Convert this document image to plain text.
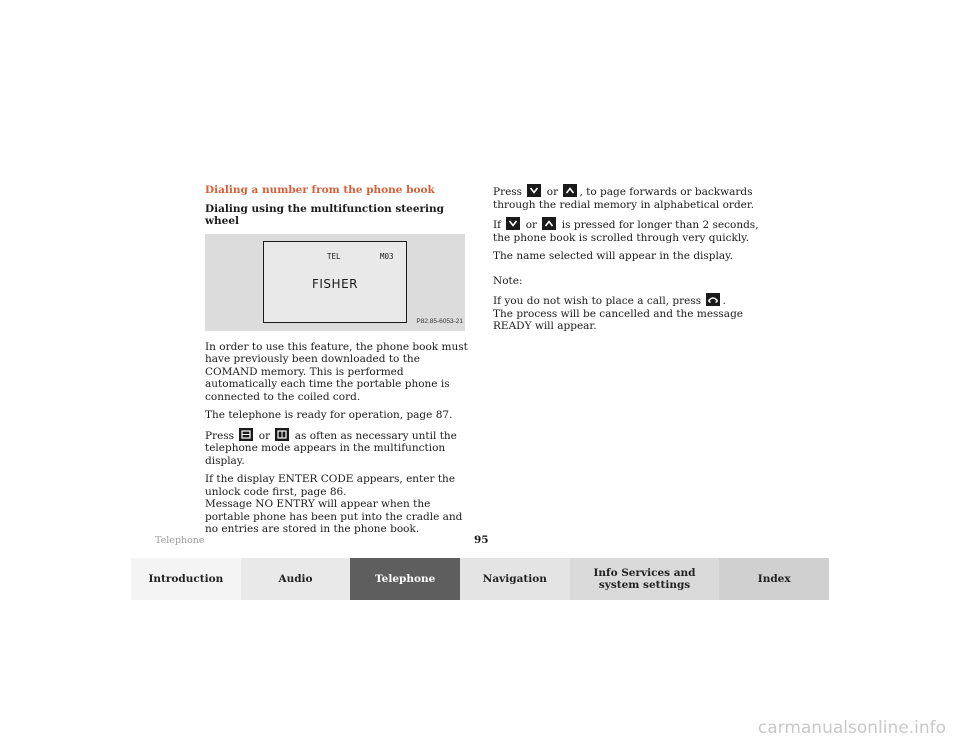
Dialing a number from the phone book

Dialing using the multifunction steering wheel

TEL	M03
FISHER
P82.85-6053-21

In order to use this feature, the phone book must have previously been downloaded to the COMAND memory. This is performed automatically each time the portable phone is connected to the coiled cord.

The telephone is ready for operation, page 87.

Press or as often as necessary until the telephone mode appears in the multifunction display.

If the display ENTER CODE appears, enter the unlock code first, page 86.
Message NO ENTRY will appear when the portable phone has been put into the cradle and no entries are stored in the phone book.

Press or , to page forwards or backwards through the redial memory in alphabetical order.

If or is pressed for longer than 2 seconds, the phone book is scrolled through very quickly.

The name selected will appear in the display.

Note:

If you do not wish to place a call, press .
The process will be cancelled and the message READY will appear.

Telephone	95
Introduction	Audio	Telephone	Navigation	Info Services and system settings	Index
carmanualsonline.info
